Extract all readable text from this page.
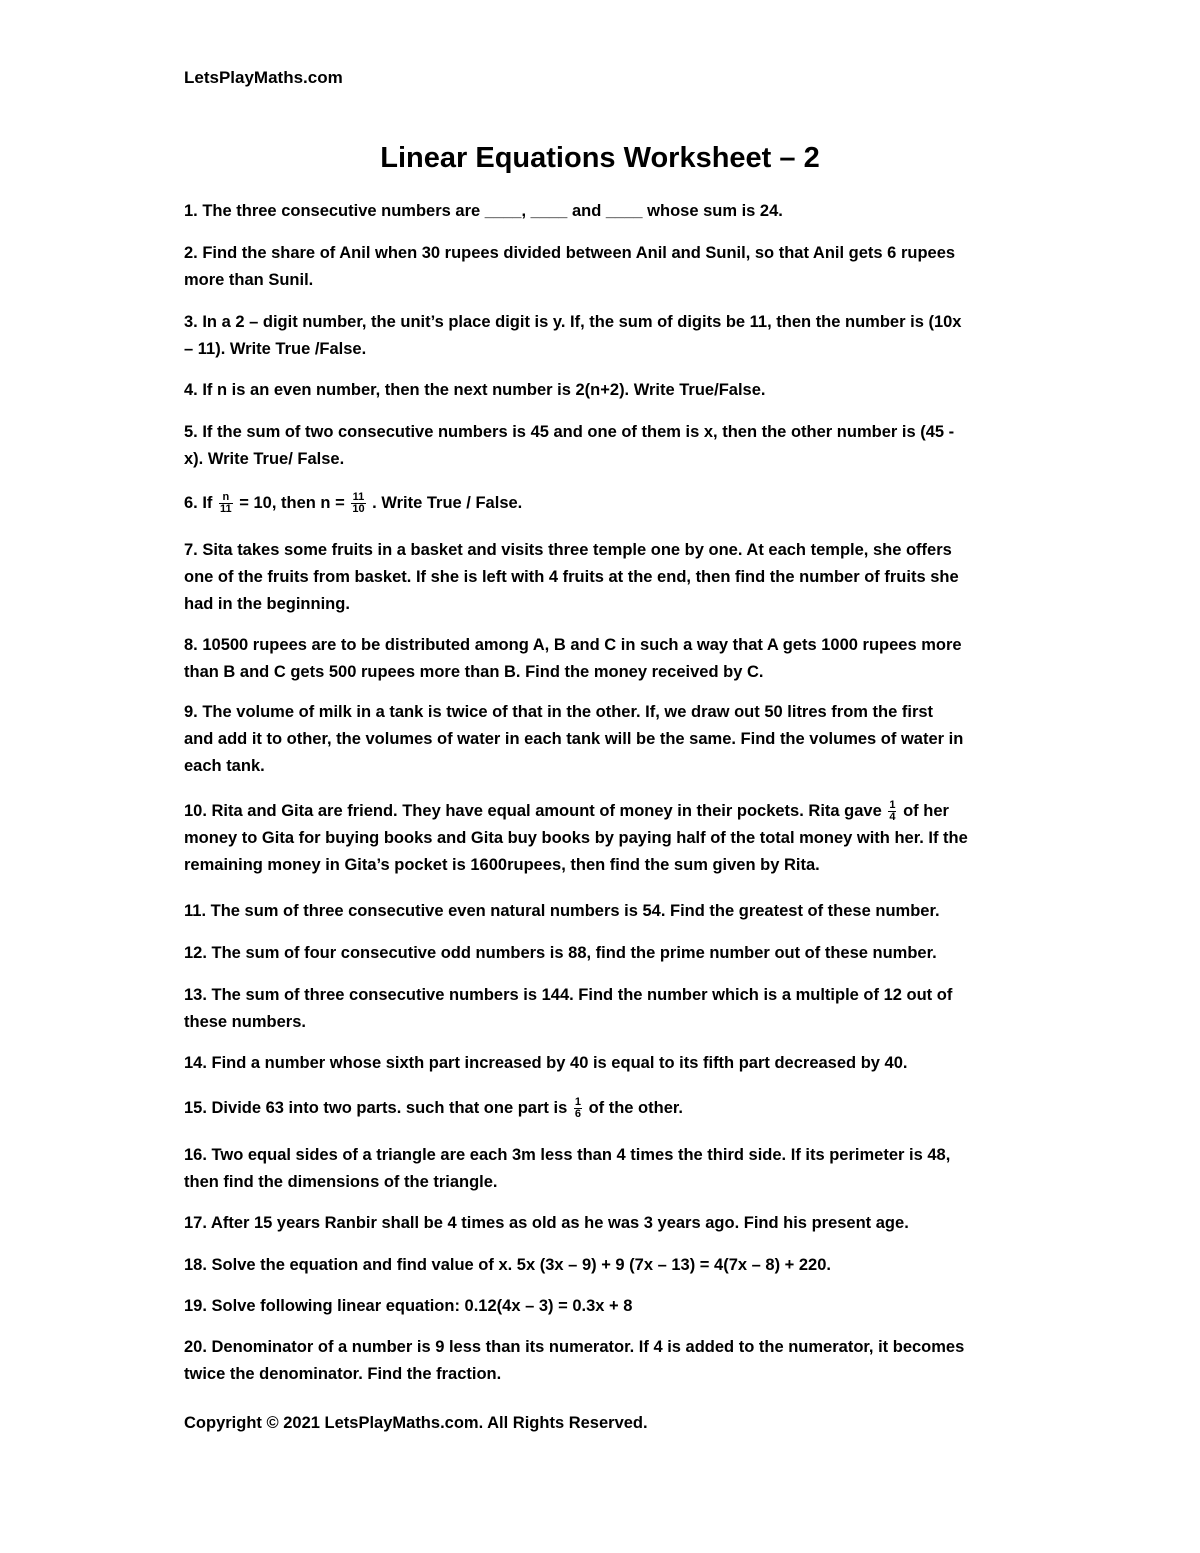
LetsPlayMaths.com
Linear Equations Worksheet – 2
1. The three consecutive numbers are ____, ____ and ____ whose sum is 24.
2. Find the share of Anil when 30 rupees divided between Anil and Sunil, so that Anil gets 6 rupees
more than Sunil.
3. In a 2 – digit number, the unit’s place digit is y. If, the sum of digits be 11, then the number is (10x
– 11). Write True /False.
4. If n is an even number, then the next number is 2(n+2). Write True/False.
5. If the sum of two consecutive numbers is 45 and one of them is x, then the other number is (45 -
x). Write True/ False.
6. If $\frac{n}{11} = 10$, then $n = \frac{11}{10}$ . Write True / False.
7. Sita takes some fruits in a basket and visits three temple one by one. At each temple, she offers
one of the fruits from basket. If she is left with 4 fruits at the end, then find the number of fruits she
had in the beginning.
8. 10500 rupees are to be distributed among A, B and C in such a way that A gets 1000 rupees more
than B and C gets 500 rupees more than B. Find the money received by C.
9. The volume of milk in a tank is twice of that in the other. If, we draw out 50 litres from the first
and add it to other, the volumes of water in each tank will be the same. Find the volumes of water in
each tank.
10. Rita and Gita are friend. They have equal amount of money in their pockets. Rita gave $\frac{1}{4}$ of her
money to Gita for buying books and Gita buy books by paying half of the total money with her. If the
remaining money in Gita’s pocket is 1600rupees, then find the sum given by Rita.
11. The sum of three consecutive even natural numbers is 54. Find the greatest of these number.
12. The sum of four consecutive odd numbers is 88, find the prime number out of these number.
13. The sum of three consecutive numbers is 144. Find the number which is a multiple of 12 out of
these numbers.
14. Find a number whose sixth part increased by 40 is equal to its fifth part decreased by 40.
15. Divide 63 into two parts. such that one part is $\frac{1}{6}$ of the other.
16. Two equal sides of a triangle are each 3m less than 4 times the third side. If its perimeter is 48,
then find the dimensions of the triangle.
17. After 15 years Ranbir shall be 4 times as old as he was 3 years ago. Find his present age.
18. Solve the equation and find value of x. 5x (3x – 9) + 9 (7x – 13) = 4(7x – 8) + 220.
19. Solve following linear equation: 0.12(4x – 3) = 0.3x + 8
20. Denominator of a number is 9 less than its numerator. If 4 is added to the numerator, it becomes
twice the denominator. Find the fraction.
Copyright © 2021 LetsPlayMaths.com. All Rights Reserved.
